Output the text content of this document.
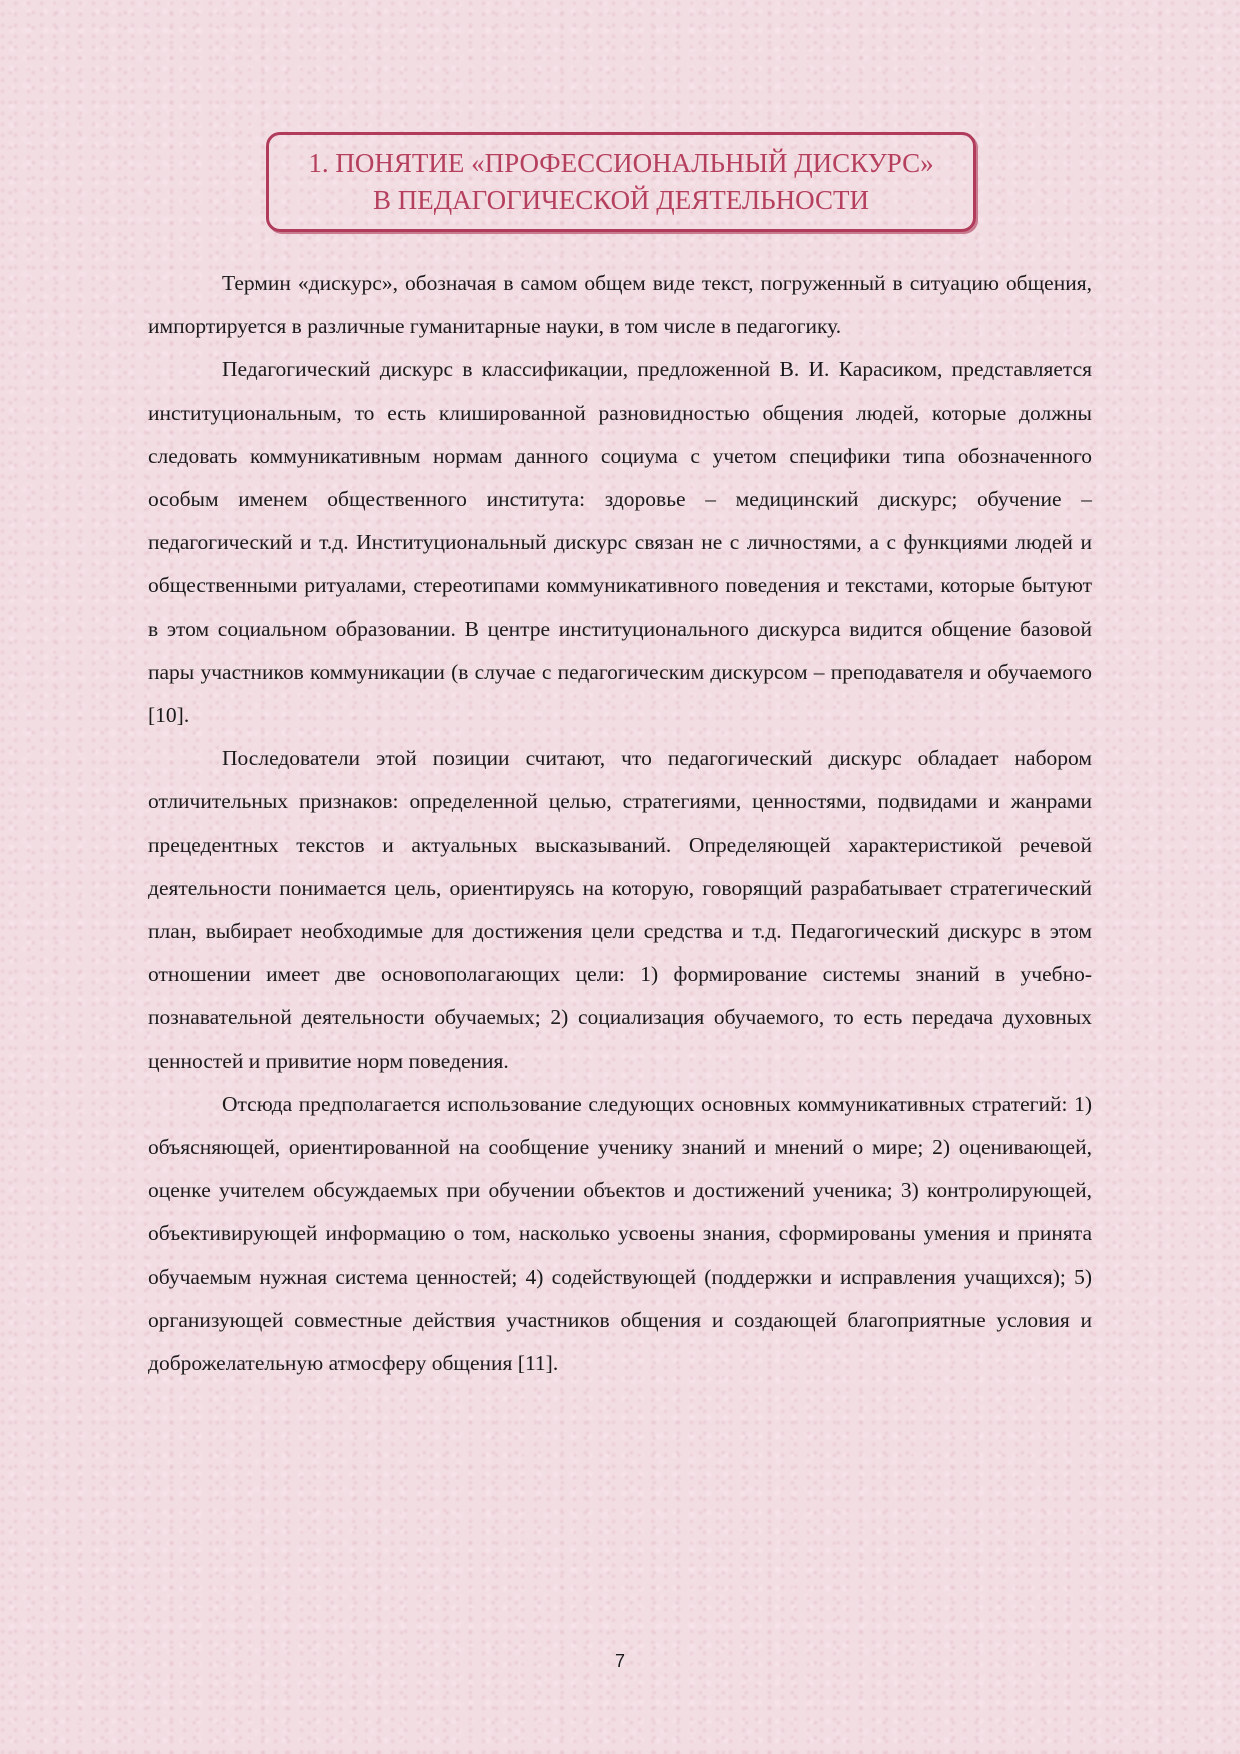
1. ПОНЯТИЕ «ПРОФЕССИОНАЛЬНЫЙ ДИСКУРС»
В ПЕДАГОГИЧЕСКОЙ ДЕЯТЕЛЬНОСТИ

Термин «дискурс», обозначая в самом общем виде текст, погруженный в ситуацию общения, импортируется в различные гуманитарные науки, в том числе в педагогику.

Педагогический дискурс в классификации, предложенной В. И. Карасиком, представляется институциональным, то есть клишированной разновидностью общения людей, которые должны следовать коммуникативным нормам данного социума с учетом специфики типа обозначенного особым именем общественного института: здоровье – медицинский дискурс; обучение – педагогический и т.д. Институциональный дискурс связан не с личностями, а с функциями людей и общественными ритуалами, стереотипами коммуникативного поведения и текстами, которые бытуют в этом социальном образовании. В центре институционального дискурса видится общение базовой пары участников коммуникации (в случае с педагогическим дискурсом – преподавателя и обучаемого [10].

Последователи этой позиции считают, что педагогический дискурс обладает набором отличительных признаков: определенной целью, стратегиями, ценностями, подвидами и жанрами прецедентных текстов и актуальных высказываний. Определяющей характеристикой речевой деятельности понимается цель, ориентируясь на которую, говорящий разрабатывает стратегический план, выбирает необходимые для достижения цели средства и т.д. Педагогический дискурс в этом отношении имеет две основополагающих цели: 1) формирование системы знаний в учебно-познавательной деятельности обучаемых; 2) социализация обучаемого, то есть передача духовных ценностей и привитие норм поведения.

Отсюда предполагается использование следующих основных коммуникативных стратегий: 1) объясняющей, ориентированной на сообщение ученику знаний и мнений о мире; 2) оценивающей, оценке учителем обсуждаемых при обучении объектов и достижений ученика; 3) контролирующей, объективирующей информацию о том, насколько усвоены знания, сформированы умения и принята обучаемым нужная система ценностей; 4) содействующей (поддержки и исправления учащихся); 5) организующей совместные действия участников общения и создающей благоприятные условия и доброжелательную атмосферу общения [11].

7
